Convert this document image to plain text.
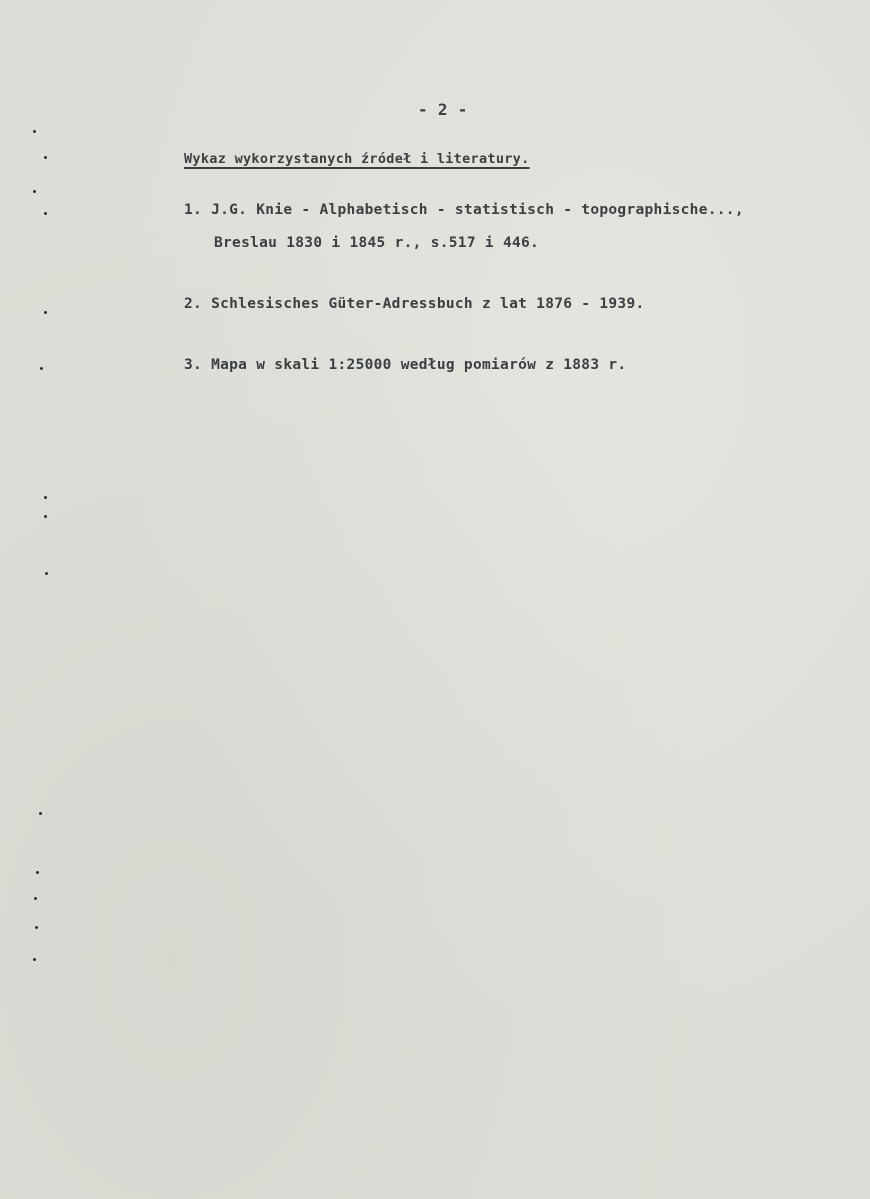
- 2 -
Wykaz wykorzystanych źródeł i literatury.
1. J.G. Knie - Alphabetisch - statistisch - topographische...,
Breslau 1830 i 1845 r., s.517 i 446.
2. Schlesisches Güter-Adressbuch z lat 1876 - 1939.
3. Mapa w skali 1:25000 według pomiarów z 1883 r.
